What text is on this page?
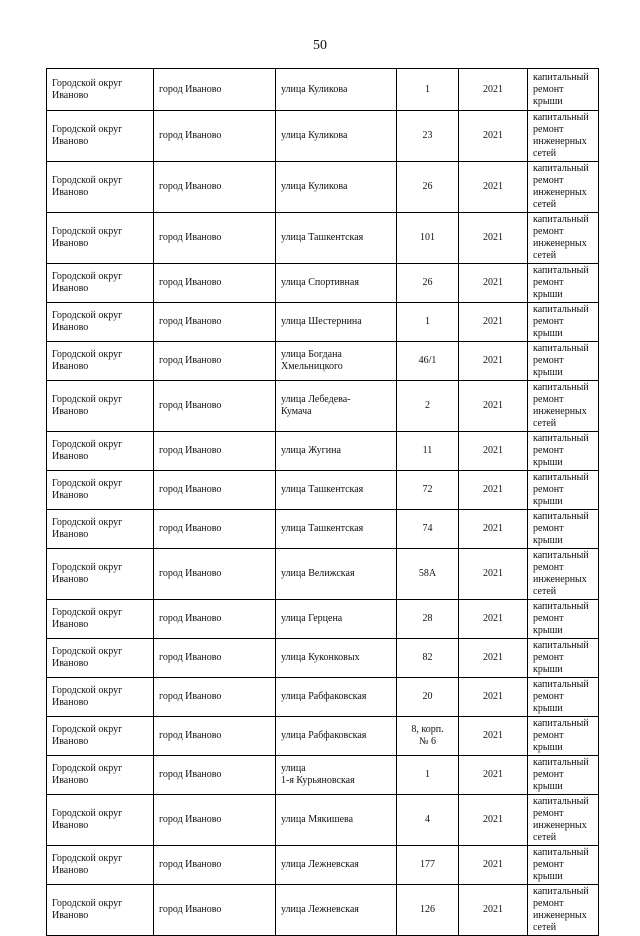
50
Городской округ
Иваново	город Иваново	улица Куликова	1	2021	капитальный
ремонт крыши

Городской округ
Иваново	город Иваново	улица Куликова	23	2021	капитальный
ремонт
инженерных
сетей

Городской округ
Иваново	город Иваново	улица Куликова	26	2021	капитальный
ремонт
инженерных
сетей

Городской округ
Иваново	город Иваново	улица Ташкентская	101	2021	капитальный
ремонт
инженерных
сетей

Городской округ
Иваново	город Иваново	улица Спортивная	26	2021	капитальный
ремонт крыши

Городской округ
Иваново	город Иваново	улица Шестернина	1	2021	капитальный
ремонт крыши

Городской округ
Иваново	город Иваново	улица Богдана
Хмельницкого	46/1	2021	капитальный
ремонт крыши

Городской округ
Иваново	город Иваново	улица Лебедева-
Кумача	2	2021	капитальный
ремонт
инженерных
сетей

Городской округ
Иваново	город Иваново	улица Жугина	11	2021	капитальный
ремонт крыши

Городской округ
Иваново	город Иваново	улица Ташкентская	72	2021	капитальный
ремонт крыши

Городской округ
Иваново	город Иваново	улица Ташкентская	74	2021	капитальный
ремонт крыши

Городской округ
Иваново	город Иваново	улица Велижская	58А	2021	капитальный
ремонт
инженерных
сетей

Городской округ
Иваново	город Иваново	улица Герцена	28	2021	капитальный
ремонт крыши

Городской округ
Иваново	город Иваново	улица Куконковых	82	2021	капитальный
ремонт крыши

Городской округ
Иваново	город Иваново	улица Рабфаковская	20	2021	капитальный
ремонт крыши

Городской округ
Иваново	город Иваново	улица Рабфаковская	8, корп.
№ 6	2021	капитальный
ремонт крыши

Городской округ
Иваново	город Иваново	улица
1-я Курьяновская	1	2021	капитальный
ремонт крыши

Городской округ
Иваново	город Иваново	улица Мякишева	4	2021	капитальный
ремонт
инженерных
сетей

Городской округ
Иваново	город Иваново	улица Лежневская	177	2021	капитальный
ремонт крыши

Городской округ
Иваново	город Иваново	улица Лежневская	126	2021	капитальный
ремонт
инженерных
сетей
